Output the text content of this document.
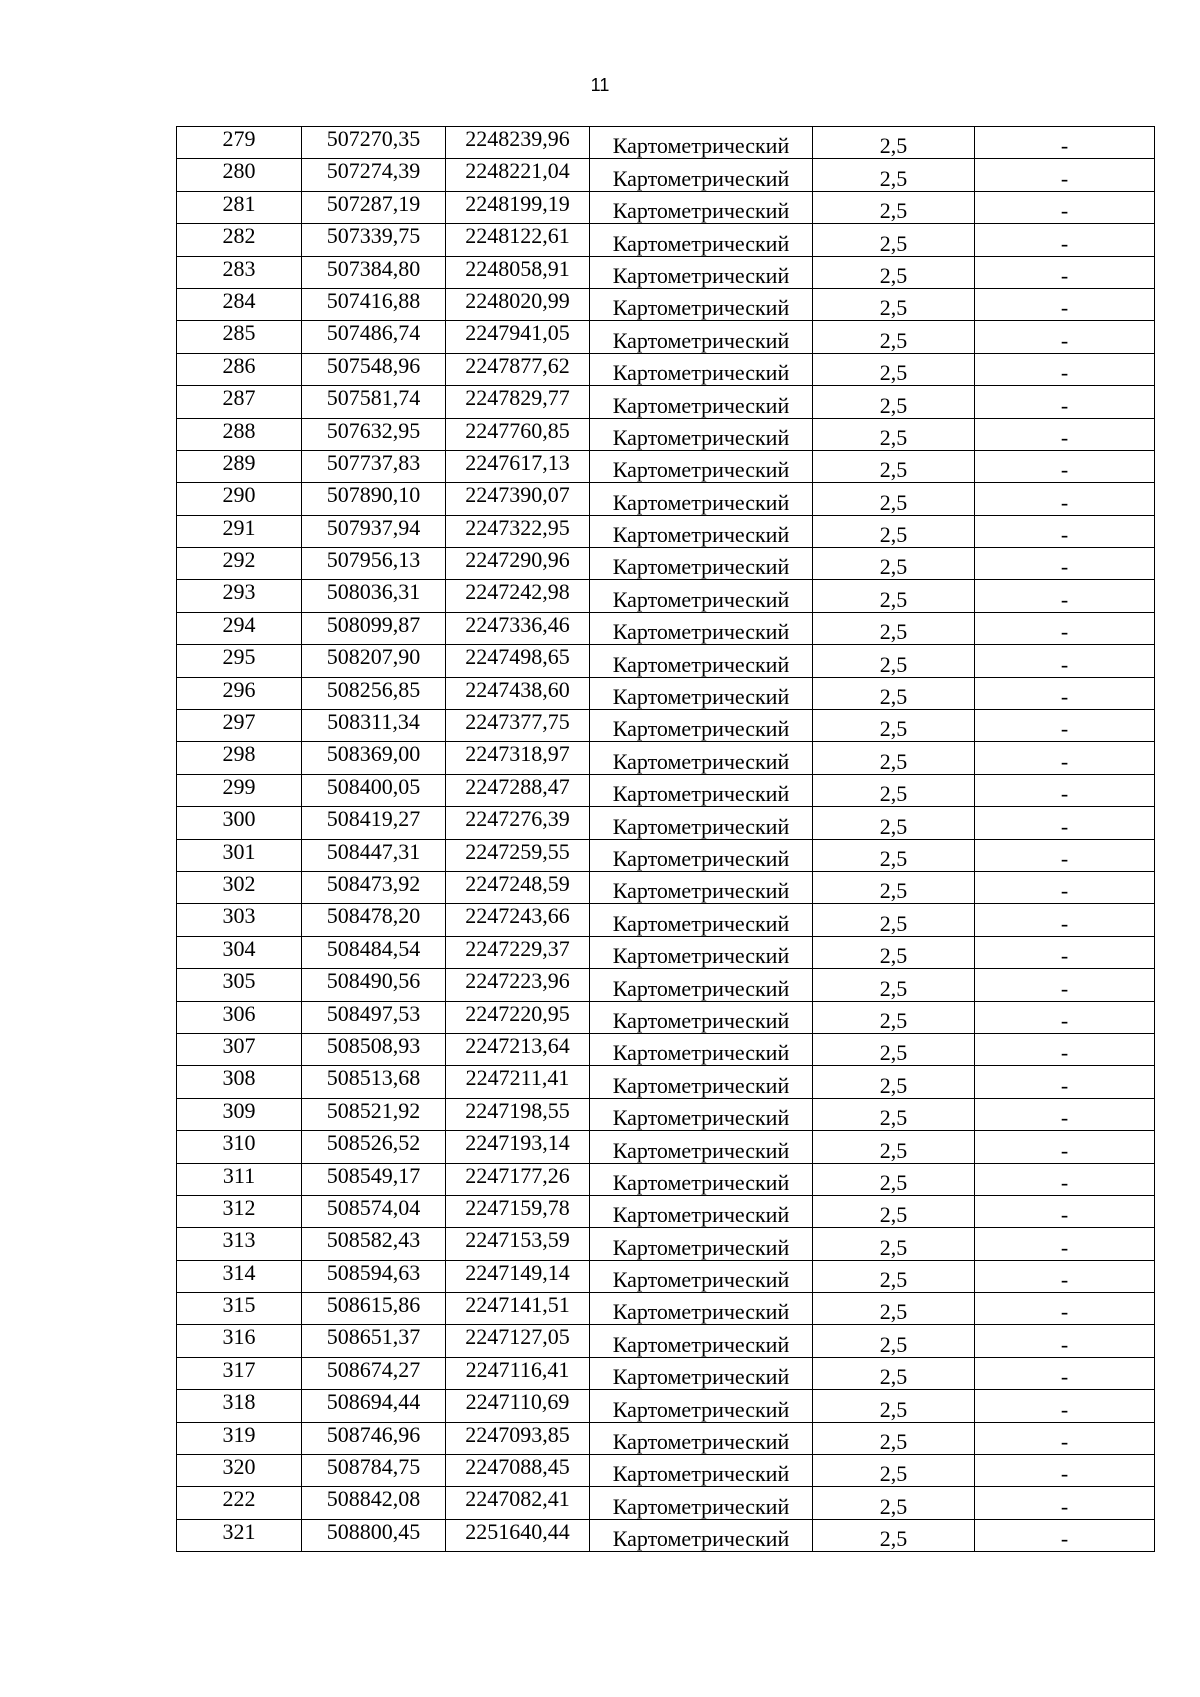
11
279	507270,35	2248239,96	Картометрический	2,5	-
280	507274,39	2248221,04	Картометрический	2,5	-
281	507287,19	2248199,19	Картометрический	2,5	-
282	507339,75	2248122,61	Картометрический	2,5	-
283	507384,80	2248058,91	Картометрический	2,5	-
284	507416,88	2248020,99	Картометрический	2,5	-
285	507486,74	2247941,05	Картометрический	2,5	-
286	507548,96	2247877,62	Картометрический	2,5	-
287	507581,74	2247829,77	Картометрический	2,5	-
288	507632,95	2247760,85	Картометрический	2,5	-
289	507737,83	2247617,13	Картометрический	2,5	-
290	507890,10	2247390,07	Картометрический	2,5	-
291	507937,94	2247322,95	Картометрический	2,5	-
292	507956,13	2247290,96	Картометрический	2,5	-
293	508036,31	2247242,98	Картометрический	2,5	-
294	508099,87	2247336,46	Картометрический	2,5	-
295	508207,90	2247498,65	Картометрический	2,5	-
296	508256,85	2247438,60	Картометрический	2,5	-
297	508311,34	2247377,75	Картометрический	2,5	-
298	508369,00	2247318,97	Картометрический	2,5	-
299	508400,05	2247288,47	Картометрический	2,5	-
300	508419,27	2247276,39	Картометрический	2,5	-
301	508447,31	2247259,55	Картометрический	2,5	-
302	508473,92	2247248,59	Картометрический	2,5	-
303	508478,20	2247243,66	Картометрический	2,5	-
304	508484,54	2247229,37	Картометрический	2,5	-
305	508490,56	2247223,96	Картометрический	2,5	-
306	508497,53	2247220,95	Картометрический	2,5	-
307	508508,93	2247213,64	Картометрический	2,5	-
308	508513,68	2247211,41	Картометрический	2,5	-
309	508521,92	2247198,55	Картометрический	2,5	-
310	508526,52	2247193,14	Картометрический	2,5	-
311	508549,17	2247177,26	Картометрический	2,5	-
312	508574,04	2247159,78	Картометрический	2,5	-
313	508582,43	2247153,59	Картометрический	2,5	-
314	508594,63	2247149,14	Картометрический	2,5	-
315	508615,86	2247141,51	Картометрический	2,5	-
316	508651,37	2247127,05	Картометрический	2,5	-
317	508674,27	2247116,41	Картометрический	2,5	-
318	508694,44	2247110,69	Картометрический	2,5	-
319	508746,96	2247093,85	Картометрический	2,5	-
320	508784,75	2247088,45	Картометрический	2,5	-
222	508842,08	2247082,41	Картометрический	2,5	-
321	508800,45	2251640,44	Картометрический	2,5	-
